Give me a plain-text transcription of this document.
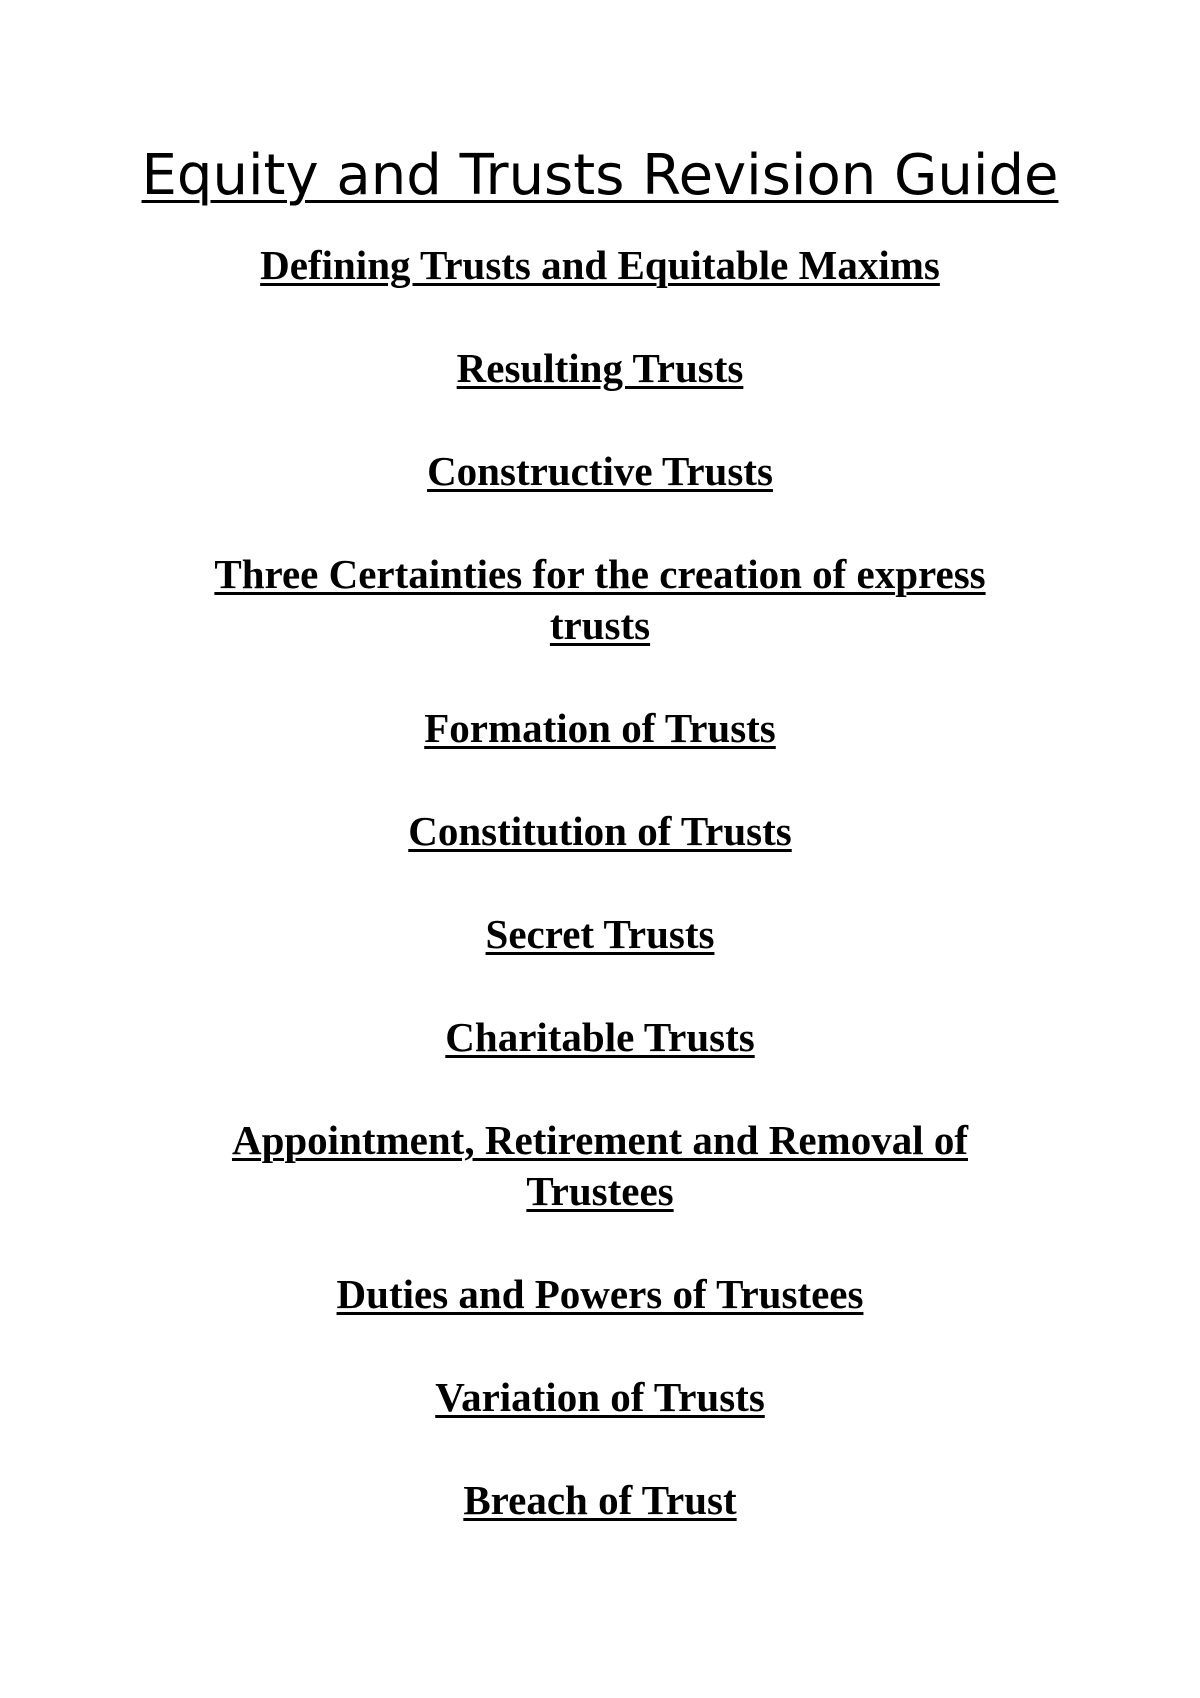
Equity and Trusts Revision Guide
Defining Trusts and Equitable Maxims
Resulting Trusts
Constructive Trusts
Three Certainties for the creation of express trusts
Formation of Trusts
Constitution of Trusts
Secret Trusts
Charitable Trusts
Appointment, Retirement and Removal of Trustees
Duties and Powers of Trustees
Variation of Trusts
Breach of Trust
